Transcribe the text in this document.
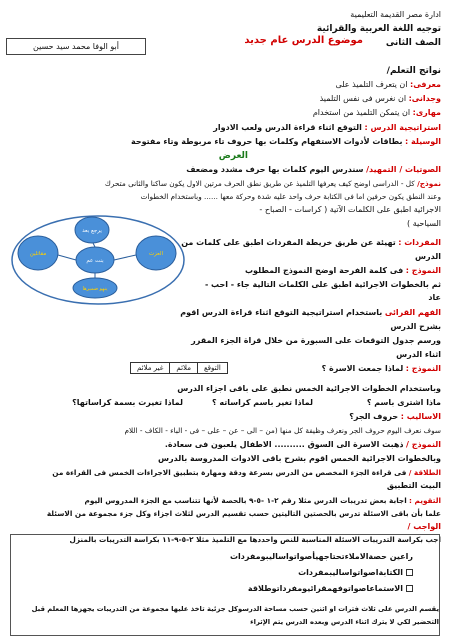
ادارة مصر القديمة التعليمية
توجيه اللغة العربية والقرائية
الصف الثانى
موضوع الدرس عام جديد
أبو الوفا محمد سيد حسين
نواتج التعلم/
معرفى: ان يتعرف التلميذ على
وجدانى: ان نغرس فى نفس التلميذ
مهارى: ان يتمكن التلميذ من استخدام
استراتيجية الدرس : التوقع اثناء قراءة الدرس ولعب الادوار
الوسيلة : بطاقات لأدوات الاستفهام وكلمات بها حروف تاء مربوطة وتاء مفتوحة
العرض
الصوتيات / التمهيد/ سندرس اليوم كلمات بها حرف مشدد ومضعف
نموذج/ كل - الدراسى اوضح كيف يعرفها التلميذ عن طريق نطق الحرف مرتين الاول يكون ساكنا والثانى متحرك
وعند النطق يكون حرفين اما فى الكتابة حرف واحد عليه شدة وحركة معها ...... وباستخدام الخطوات
الاجرائية اطبق على الكلمات الآتية ( كراسات - الصباح -
السياحية )
يرجع بعد
مقاتلين	العزت
بنت عم
ينهو ضميرها
محمد	المفردات : تهيئة عن طريق خريطة المفردات اطبق على كلمات من
الدرس
النموذج : فى كلمة الفرحة اوضح النموذج المطلوب
ثم بالخطوات الاجرائية اطبق على الكلمات التالية جاء - احب -
عاد
الفهم القرائى باستخدام استراتيجية التوقع اثناء قراءة الدرس اقوم
بشرح الدرس
ورسم جدول التوقعات على السبورة من خلال قراة الجزء المقرر
اثناء الدرس
النموذج : لماذا جمعت الاسرة ؟
التوقع	ملائم	غير ملائم
وباستخدام الخطوات الاجرائية الخمس نطبق على باقى اجزاء الدرس
ماذا اشترى باسم ؟
لماذا تغير باسم كراساته ؟
لماذا تغيرت بسمة كراساتها؟
الاساليب : حروف الجر؟
سوف نعرف اليوم حروف الجر ونعرف وظيفة كل منها (من – الى – عن – على – فى - الباء - الكاف - اللام
النموذج / ذهبت الاسرة الى السوق .......... الاطفال يلعبون فى سعادة.
وبالخطوات الاجرائية الخمس اقوم بشرح باقى الادوات المدروسة بالدرس
الطلاقة / فى قراءة الجزء المخصص من الدرس بسرعة ودقة ومهارة بتطبيق الاجراءات الخمس فى القراءة من
البيت التطبيق
التقويم : اجابة بعض تدريبات الدرس مثلا رقم ٢-١ -٥-٩ بالحصة لأنها تتناسب مع الجزء المدروس اليوم
علما بأن باقى الاسئلة تدرس بالحصتين التاليتين حسب تقسيم الدرس لثلاث اجزاء وكل جزء مجموعة من الاسئلة
الواجب /
اجب بكراسة التدريبات الاسئلة المناسبة للنص واحددها مع التلميذ مثلا ٢-٥-٩-١١ بكراسة التدريبات بالمنزل
راعين حصةالاملاءتحتاجهيأصواتواساليبومفردات
الكتابةاصواتواساليبمفردات
الاستماعاصواتوفهمقرائيومفرداتوطلاقة
يقسم الدرس على ثلاث فترات او اثنين حسب مساحة الدرسوكل جزئية تاخذ عليها مجموعة من التدريبات يجهزها المعلم قبل
التحضير لكي لا يترك اثناء الدرس وبعده الدرس يتم الإثراء
